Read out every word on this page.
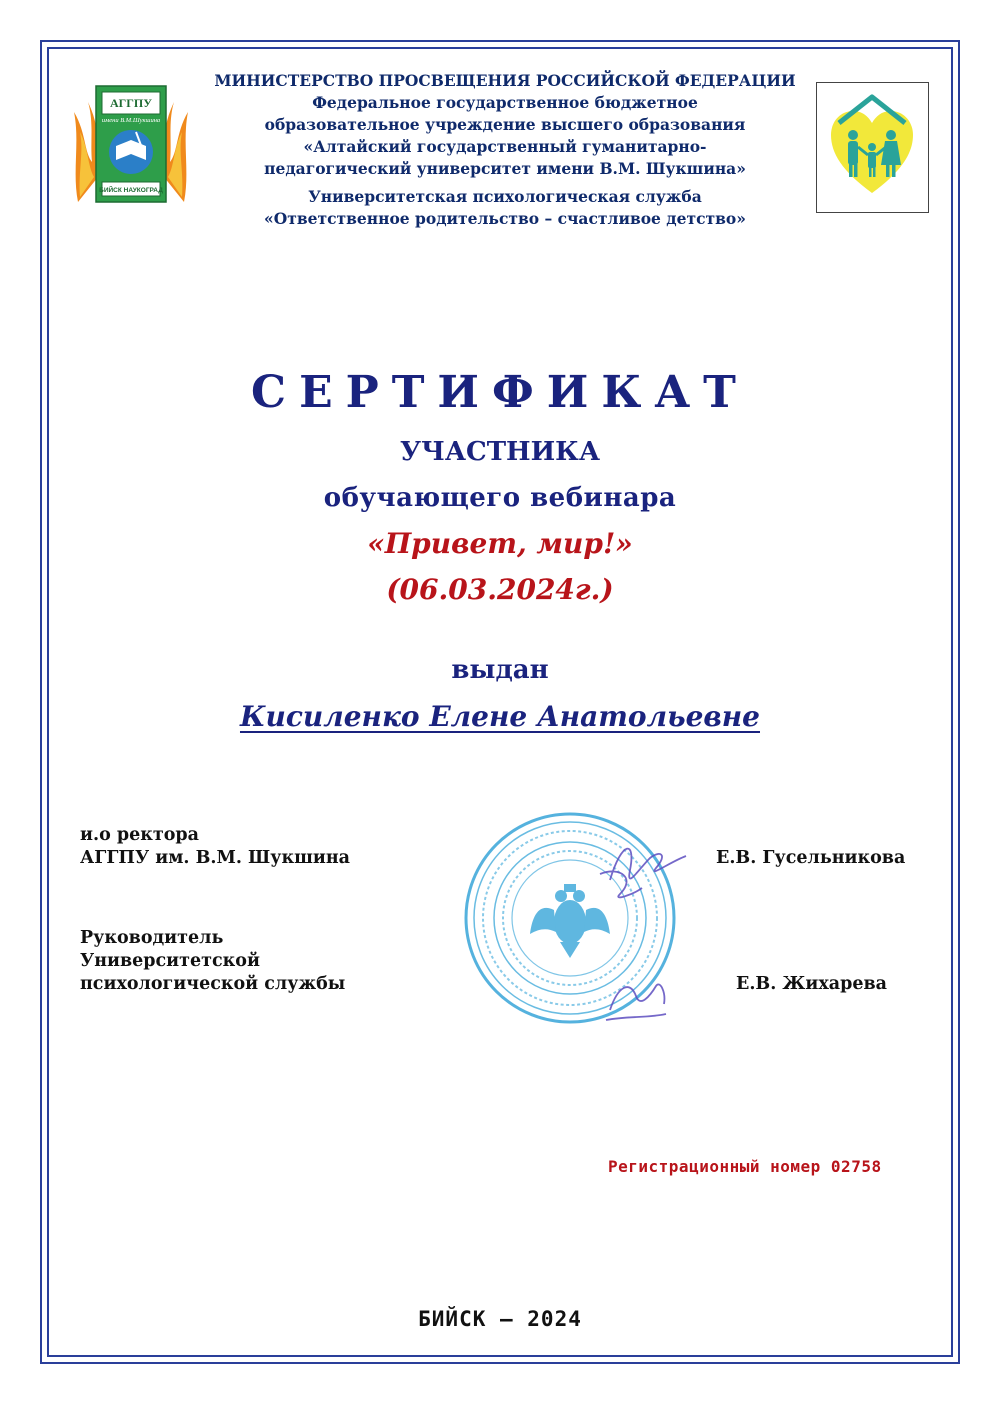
АГГПУ
имени В.М.Шукшина
БИЙСК НАУКОГРАД
МИНИСТЕРСТВО ПРОСВЕЩЕНИЯ РОССИЙСКОЙ ФЕДЕРАЦИИ
Федеральное государственное бюджетное
образовательное учреждение высшего образования
«Алтайский государственный гуманитарно-
педагогический университет имени В.М. Шукшина»
Университетская психологическая служба
«Ответственное родительство – счастливое детство»
СЕРТИФИКАТ
УЧАСТНИКА
обучающего вебинара
«Привет, мир!»
(06.03.2024г.)
выдан
Кисиленко Елене Анатольевне
и.о ректора
АГГПУ им. В.М. Шукшина	Е.В. Гусельникова
Руководитель
Университетской
психологической службы	Е.В. Жихарева
Регистрационный номер 02758
БИЙСК – 2024
